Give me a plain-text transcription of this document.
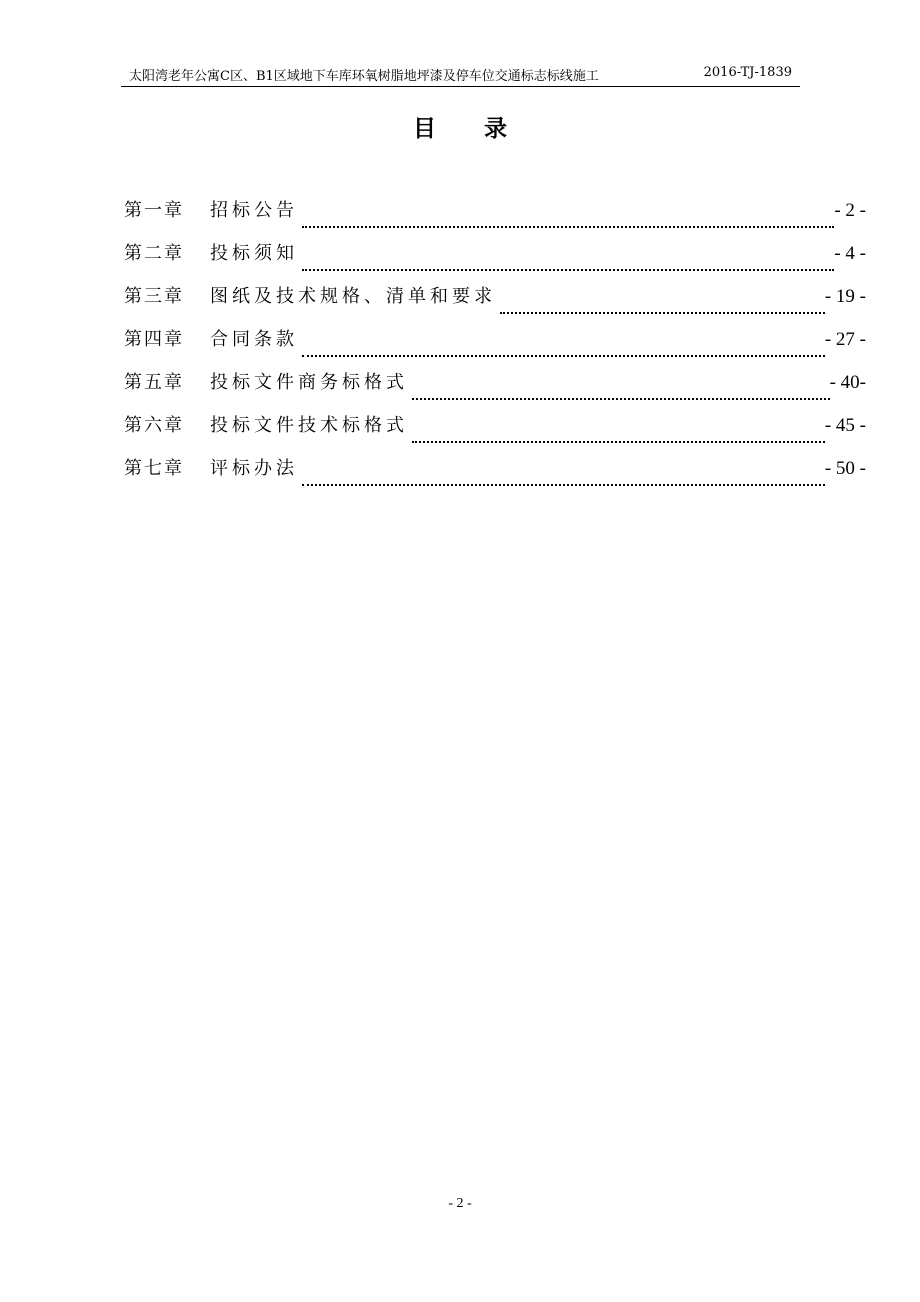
太阳湾老年公寓C区、B1区域地下车库环氧树脂地坪漆及停车位交通标志标线施工	2016-TJ-1839
目录
第一章	招标公告	- 2 -
第二章	投标须知	- 4 -
第三章	图纸及技术规格、清单和要求	- 19 -
第四章	合同条款	- 27 -
第五章	投标文件商务标格式	- 40-
第六章	投标文件技术标格式	- 45 -
第七章	评标办法	- 50 -
- 2 -
